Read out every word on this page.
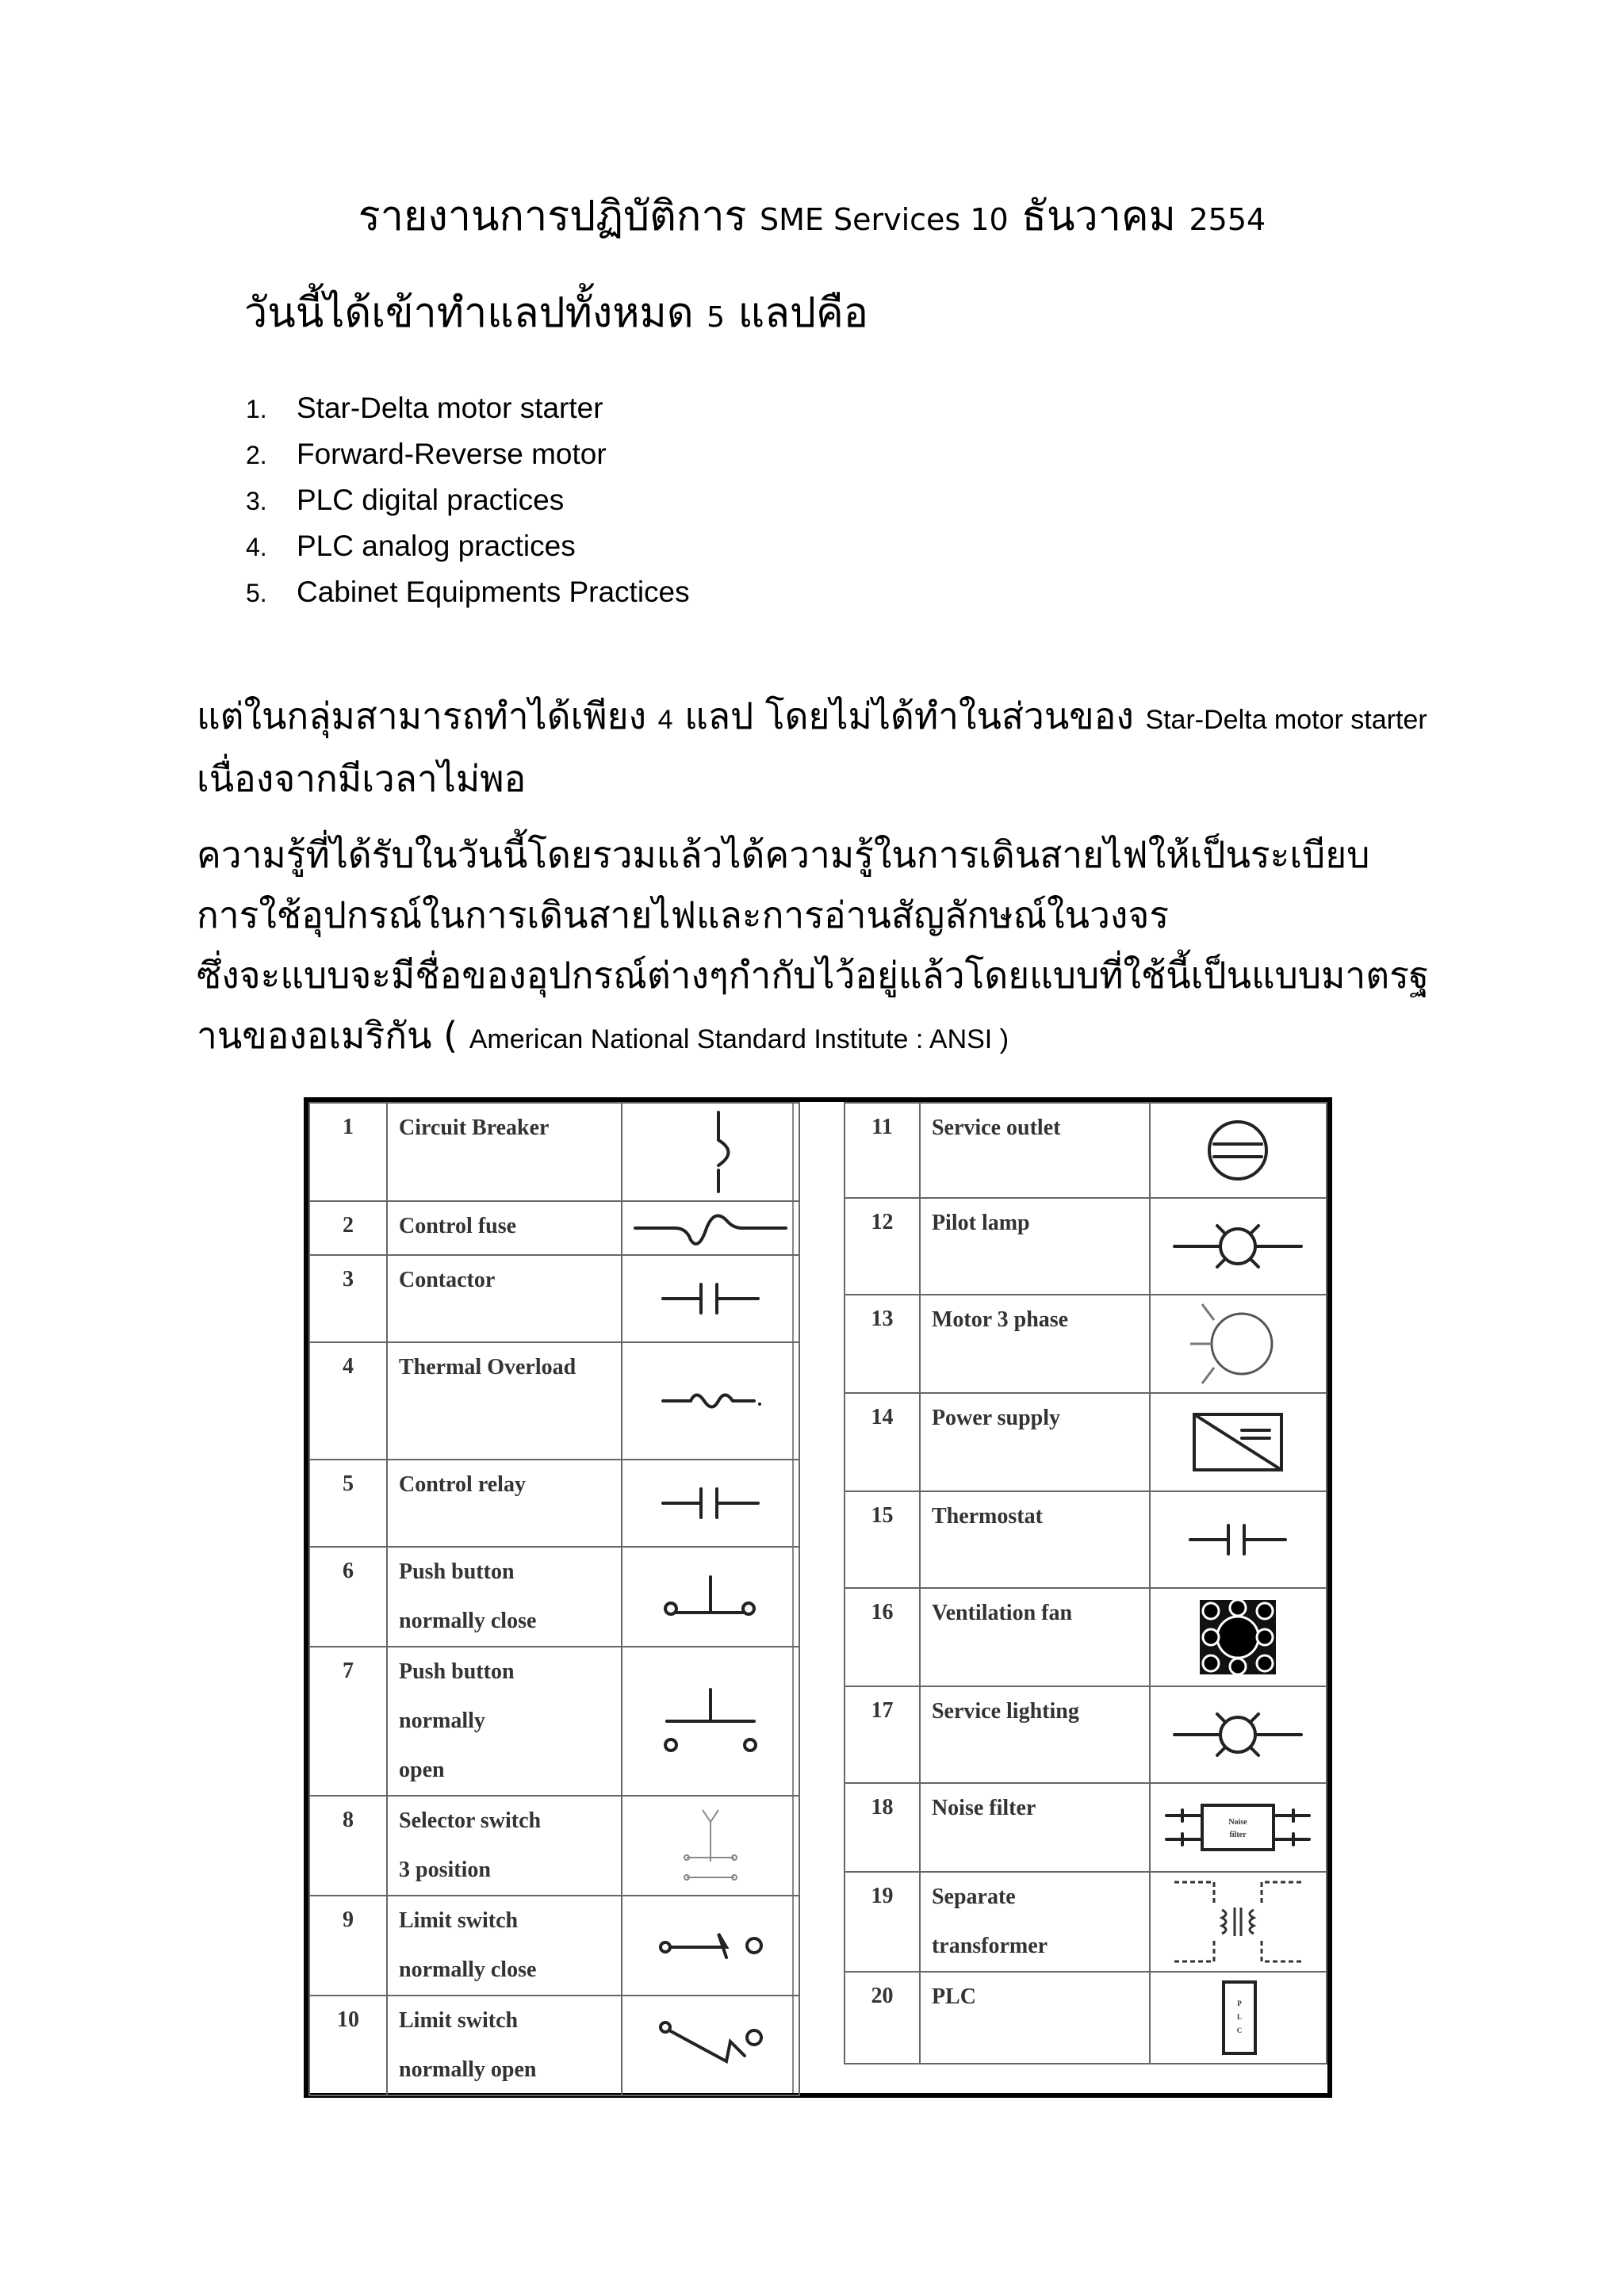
รายงานการปฏิบัติการ SME Services 10 ธันวาคม 2554
วันนี้ได้เข้าทำแลปทั้งหมด 5 แลปคือ
1. Star-Delta motor starter
2. Forward-Reverse motor
3. PLC digital practices
4. PLC analog practices
5. Cabinet Equipments Practices
แต่ในกลุ่มสามารถทำได้เพียง 4 แลป โดยไม่ได้ทำในส่วนของ Star-Delta motor starter
เนื่องจากมีเวลาไม่พอ
ความรู้ที่ได้รับในวันนี้โดยรวมแล้วได้ความรู้ในการเดินสายไฟให้เป็นระเบียบ
การใช้อุปกรณ์ในการเดินสายไฟและการอ่านสัญลักษณ์ในวงจร
ซึ่งจะแบบจะมีชื่อของอุปกรณ์ต่างๆกำกับไว้อยู่แล้วโดยแบบที่ใช้นี้เป็นแบบมาตรฐ
านของอเมริกัน ( American National Standard Institute : ANSI )
1	Circuit Breaker

2	Control fuse

3	Contactor

4	Thermal Overload

5	Control relay

6	Push button
normally close

7	Push button
normally
open

8	Selector switch
3 position

9	Limit switch
normally close

10	Limit switch
normally open

11	Service outlet

12	Pilot lamp

13	Motor 3 phase

14	Power supply

15	Thermostat

16	Ventilation fan

17	Service lighting

18	Noise filter	Noise
filter

19	Separate
transformer

20	PLC	P
L
C
